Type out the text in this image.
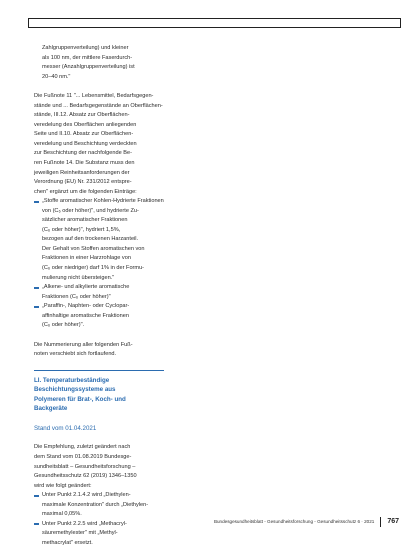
Zahlgruppenverteilung) und kleiner
als 100 nm, der mittlere Faserdurch-
messer (Anzahlgruppenverteilung) ist
20–40 nm."
Die Fußnote 11 "... Lebensmittel, Bedarfsgegen-
stände und ... Bedarfsgegenstände an Oberflächen-
stände, III.12. Absatz zur Oberflächen-
veredelung des Oberflächen anliegenden
Seite und II.10. Absatz zur Oberflächen-
veredelung und Beschichtung verdeckten
zur Beschichtung der nachfolgende Be-
ren Fußnote 14. Die Substanz muss den
jeweiligen Reinheitsanforderungen der
Verordnung (EU) Nr. 231/2012 entspre-
chen" ergänzt um die folgenden Einträge:
„Stoffe aromatischer Kohlen-Hydrierte Fraktionen
von (C₆ oder höher)", und hydrierte Zu-
sätzlicher aromatischer Fraktionen
(C₆ oder höher)", hydriert 1,5%,
bezogen auf den trockenen Harzanteil.
Der Gehalt von Stoffen aromatischen von
Fraktionen in einer Harzrohlage von
(C₆ oder niedriger) darf 1% in der Formu-
mulierung nicht übersteigen."
„Alkene- und alkylierte aromatische
Fraktionen (C₆ oder höher)"
„Paraffin-, Naphten- oder Cyclopar-
affinhaltige aromatische Fraktionen
(C₆ oder höher)".
Die Nummerierung aller folgenden Fuß-
noten verschiebt sich fortlaufend.
LI. Temperaturbeständige
Beschichtungssysteme aus
Polymeren für Brat-, Koch- und
Backgeräte
Stand vom 01.04.2021
Die Empfehlung, zuletzt geändert nach
dem Stand vom 01.08.2019 Bundesge-
sundheitsblatt – Gesundheitsforschung –
Gesundheitsschutz 62 (2019) 1346–1350
wird wie folgt geändert:
Unter Punkt 2.1.4.2 wird „Diethylen-
maximale Konzentration" durch „Diethylen-
maximal 0,05%.
Unter Punkt 2.2.5 wird „Methacryl-
säuremethylester" mit „Methyl-
methacrylat" ersetzt.
Bundesgesundheitsblatt - Gesundheitsforschung - Gesundheitsschutz 6 · 2021 767
